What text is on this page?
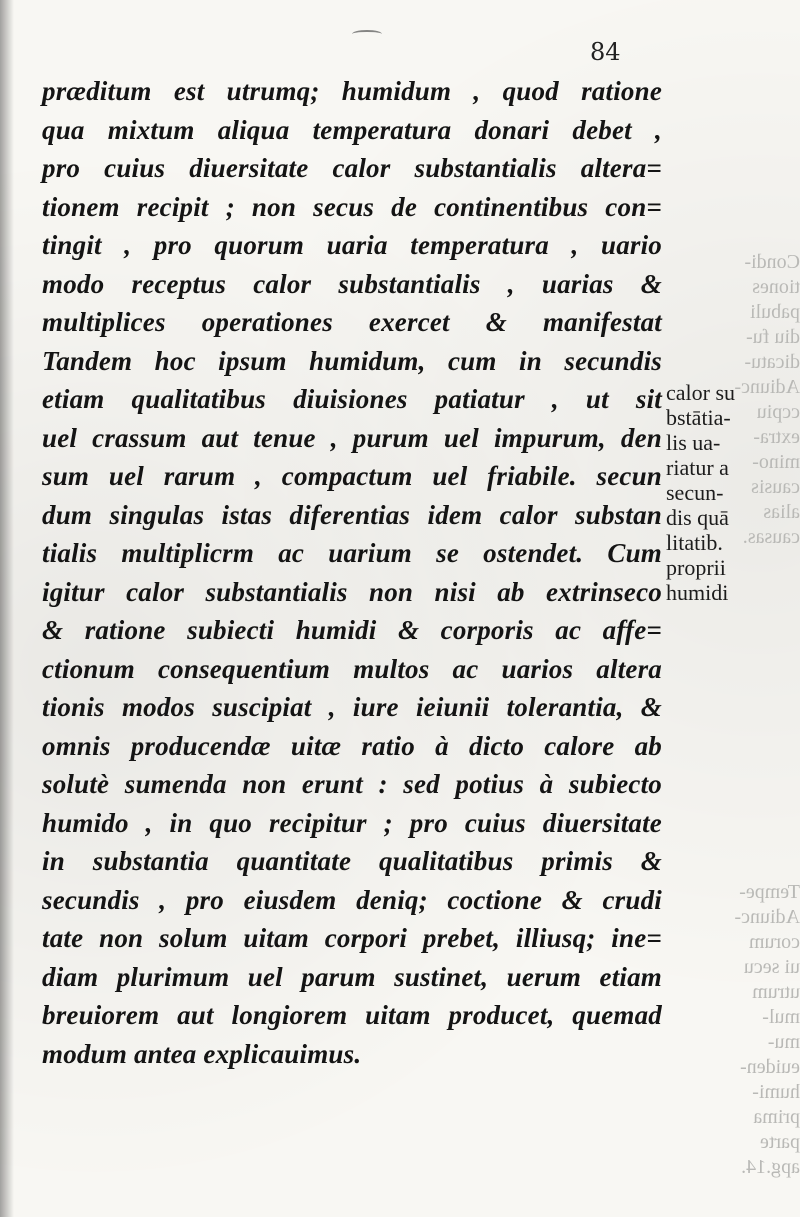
84
præditum est utrumq; humidum , quod ratione
qua mixtum aliqua temperatura donari debet ,
pro cuius diuersitate calor substantialis altera=
tionem recipit ; non secus de continentibus con=
tingit , pro quorum uaria temperatura , uario
modo receptus calor substantialis , uarias &
multiplices operationes exercet & manifestat
Tandem hoc ipsum humidum, cum in secundis
etiam qualitatibus diuisiones patiatur , ut sit
uel crassum aut tenue , purum uel impurum, den
sum uel rarum , compactum uel friabile. secun
dum singulas istas diferentias idem calor substan
tialis multiplicrm ac uarium se ostendet. Cum
igitur calor substantialis non nisi ab extrinseco
& ratione subiecti humidi & corporis ac affe=
ctionum consequentium multos ac uarios altera
tionis modos suscipiat , iure ieiunii tolerantia, &
omnis producendæ uitæ ratio à dicto calore ab
solutè sumenda non erunt : sed potius à subiecto
humido , in quo recipitur ; pro cuius diuersitate
in substantia quantitate qualitatibus primis &
secundis , pro eiusdem deniq; coctione & crudi
tate non solum uitam corpori prebet, illiusq; ine=
diam plurimum uel parum sustinet, uerum etiam
breuiorem aut longiorem uitam producet, quemad
modum antea explicauimus.
calor su
bstātia-
lis ua-
riatur a
secun-
dis quā
litatib.
proprii
humidi
Condi-
tiones
pabuli
diu fu-
dicatu-
Adiunc-
ccpiu
extra-
mino-
causis
alias
causas.
Tempe-
Adiunc-
corum
ui secu
utrum
mul-
mu-
euiden-
humi-
prima
parte
apg.14.
